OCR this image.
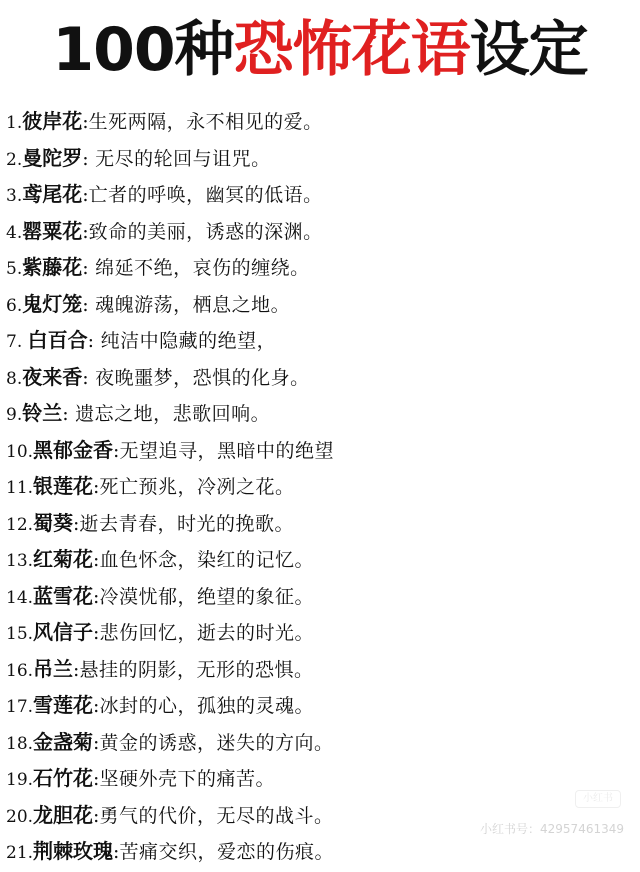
100种恐怖花语设定
1.彼岸花:生死两隔，永不相见的爱。
2.曼陀罗: 无尽的轮回与诅咒。
3.鸢尾花:亡者的呼唤，幽冥的低语。
4.罂粟花:致命的美丽，诱惑的深渊。
5.紫藤花: 绵延不绝，哀伤的缠绕。
6.鬼灯笼: 魂魄游荡，栖息之地。
7. 白百合: 纯洁中隐藏的绝望，
8.夜来香: 夜晚噩梦，恐惧的化身。
9.铃兰: 遗忘之地，悲歌回响。
10.黑郁金香:无望追寻，黑暗中的绝望
11.银莲花:死亡预兆，冷冽之花。
12.蜀葵:逝去青春，时光的挽歌。
13.红菊花:血色怀念，染红的记忆。
14.蓝雪花:冷漠忧郁，绝望的象征。
15.风信子:悲伤回忆，逝去的时光。
16.吊兰:悬挂的阴影，无形的恐惧。
17.雪莲花:冰封的心，孤独的灵魂。
18.金盏菊:黄金的诱惑，迷失的方向。
19.石竹花:坚硬外壳下的痛苦。
20.龙胆花:勇气的代价，无尽的战斗。
21.荆棘玫瑰:苦痛交织，爱恋的伤痕。
小红书
小红书号：42957461349
